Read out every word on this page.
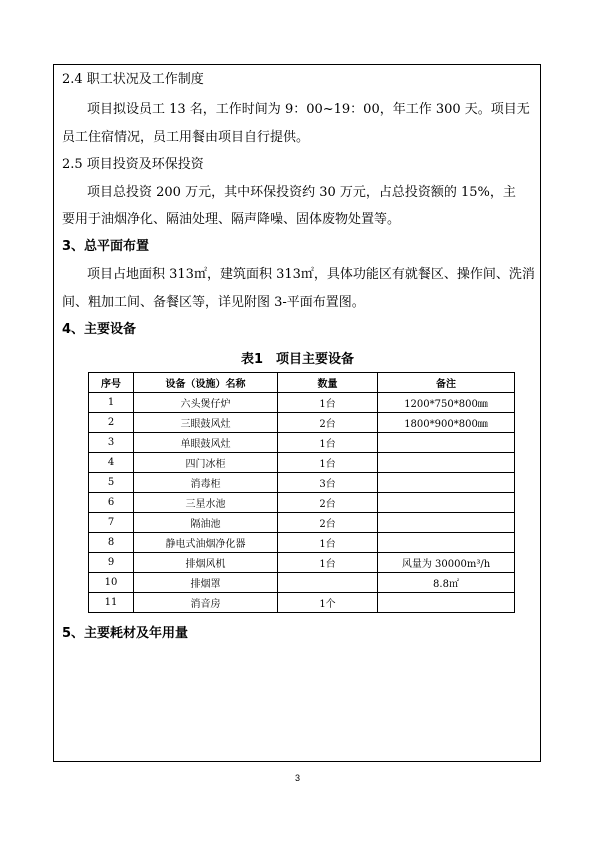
2.4 职工状况及工作制度
项目拟设员工 13 名，工作时间为 9：00~19：00，年工作 300 天。项目无
员工住宿情况，员工用餐由项目自行提供。
2.5 项目投资及环保投资
项目总投资 200 万元，其中环保投资约 30 万元，占总投资额的 15%，主
要用于油烟净化、隔油处理、隔声降噪、固体废物处置等。
3、总平面布置
项目占地面积 313㎡，建筑面积 313㎡，具体功能区有就餐区、操作间、洗消
间、粗加工间、备餐区等，详见附图 3-平面布置图。
4、主要设备
表1　项目主要设备
序号	设备（设施）名称	数量	备注
1	六头煲仔炉	1台	1200*750*800㎜
2	三眼鼓风灶	2台	1800*900*800㎜
3	单眼鼓风灶	1台	
4	四门冰柜	1台	
5	消毒柜	3台	
6	三星水池	2台	
7	隔油池	2台	
8	静电式油烟净化器	1台	
9	排烟风机	1台	风量为 30000m³/h
10	排烟罩		8.8㎡
11	消音房	1个	
5、主要耗材及年用量
3
